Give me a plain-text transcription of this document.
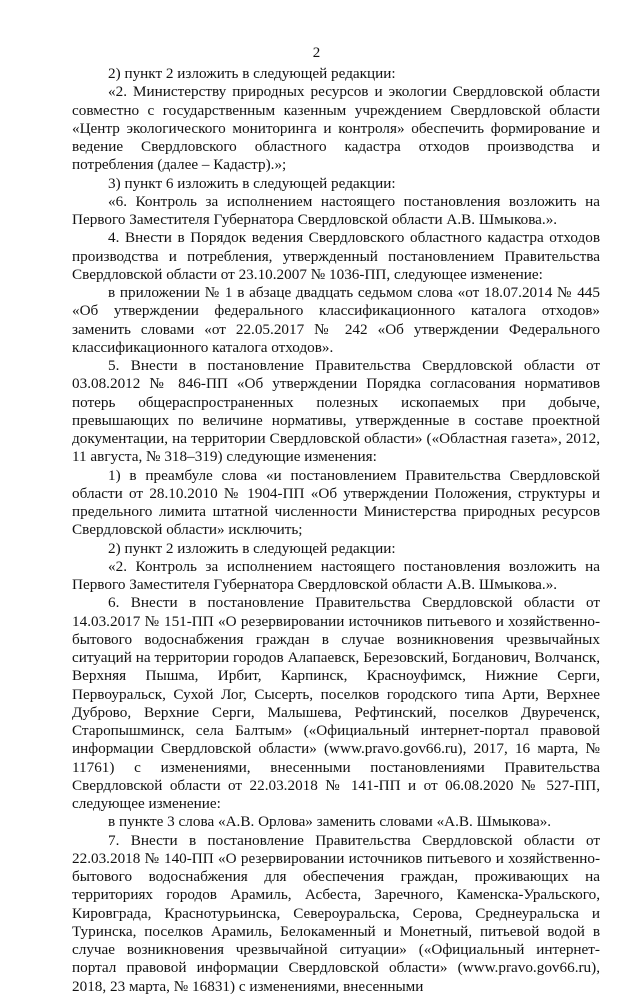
2

2) пункт 2 изложить в следующей редакции:

«2. Министерству природных ресурсов и экологии Свердловской области совместно с государственным казенным учреждением Свердловской области «Центр экологического мониторинга и контроля» обеспечить формирование и ведение Свердловского областного кадастра отходов производства и потребления (далее – Кадастр).»;

3) пункт 6 изложить в следующей редакции:

«6. Контроль за исполнением настоящего постановления возложить на Первого Заместителя Губернатора Свердловской области А.В. Шмыкова.».

4. Внести в Порядок ведения Свердловского областного кадастра отходов производства и потребления, утвержденный постановлением Правительства Свердловской области от 23.10.2007 № 1036-ПП, следующее изменение:

в приложении № 1 в абзаце двадцать седьмом слова «от 18.07.2014 № 445 «Об утверждении федерального классификационного каталога отходов» заменить словами «от 22.05.2017 № 242 «Об утверждении Федерального классификационного каталога отходов».

5. Внести в постановление Правительства Свердловской области от 03.08.2012 № 846-ПП «Об утверждении Порядка согласования нормативов потерь общераспространенных полезных ископаемых при добыче, превышающих по величине нормативы, утвержденные в составе проектной документации, на территории Свердловской области» («Областная газета», 2012, 11 августа, № 318–319) следующие изменения:

1) в преамбуле слова «и постановлением Правительства Свердловской области от 28.10.2010 № 1904-ПП «Об утверждении Положения, структуры и предельного лимита штатной численности Министерства природных ресурсов Свердловской области» исключить;

2) пункт 2 изложить в следующей редакции:

«2. Контроль за исполнением настоящего постановления возложить на Первого Заместителя Губернатора Свердловской области А.В. Шмыкова.».

6. Внести в постановление Правительства Свердловской области от 14.03.2017 № 151-ПП «О резервировании источников питьевого и хозяйственно-бытового водоснабжения граждан в случае возникновения чрезвычайных ситуаций на территории городов Алапаевск, Березовский, Богданович, Волчанск, Верхняя Пышма, Ирбит, Карпинск, Красноуфимск, Нижние Серги, Первоуральск, Сухой Лог, Сысерть, поселков городского типа Арти, Верхнее Дуброво, Верхние Серги, Малышева, Рефтинский, поселков Двуреченск, Старопышминск, села Балтым» («Официальный интернет-портал правовой информации Свердловской области» (www.pravo.gov66.ru), 2017, 16 марта, № 11761) с изменениями, внесенными постановлениями Правительства Свердловской области от 22.03.2018 № 141-ПП и от 06.08.2020 № 527-ПП, следующее изменение:

в пункте 3 слова «А.В. Орлова» заменить словами «А.В. Шмыкова».

7. Внести в постановление Правительства Свердловской области от 22.03.2018 № 140-ПП «О резервировании источников питьевого и хозяйственно-бытового водоснабжения для обеспечения граждан, проживающих на территориях городов Арамиль, Асбеста, Заречного, Каменска-Уральского, Кировграда, Краснотурьинска, Североуральска, Серова, Среднеуральска и Туринска, поселков Арамиль, Белокаменный и Монетный, питьевой водой в случае возникновения чрезвычайной ситуации» («Официальный интернет-портал правовой информации Свердловской области» (www.pravo.gov66.ru), 2018, 23 марта, № 16831) с изменениями, внесенными
